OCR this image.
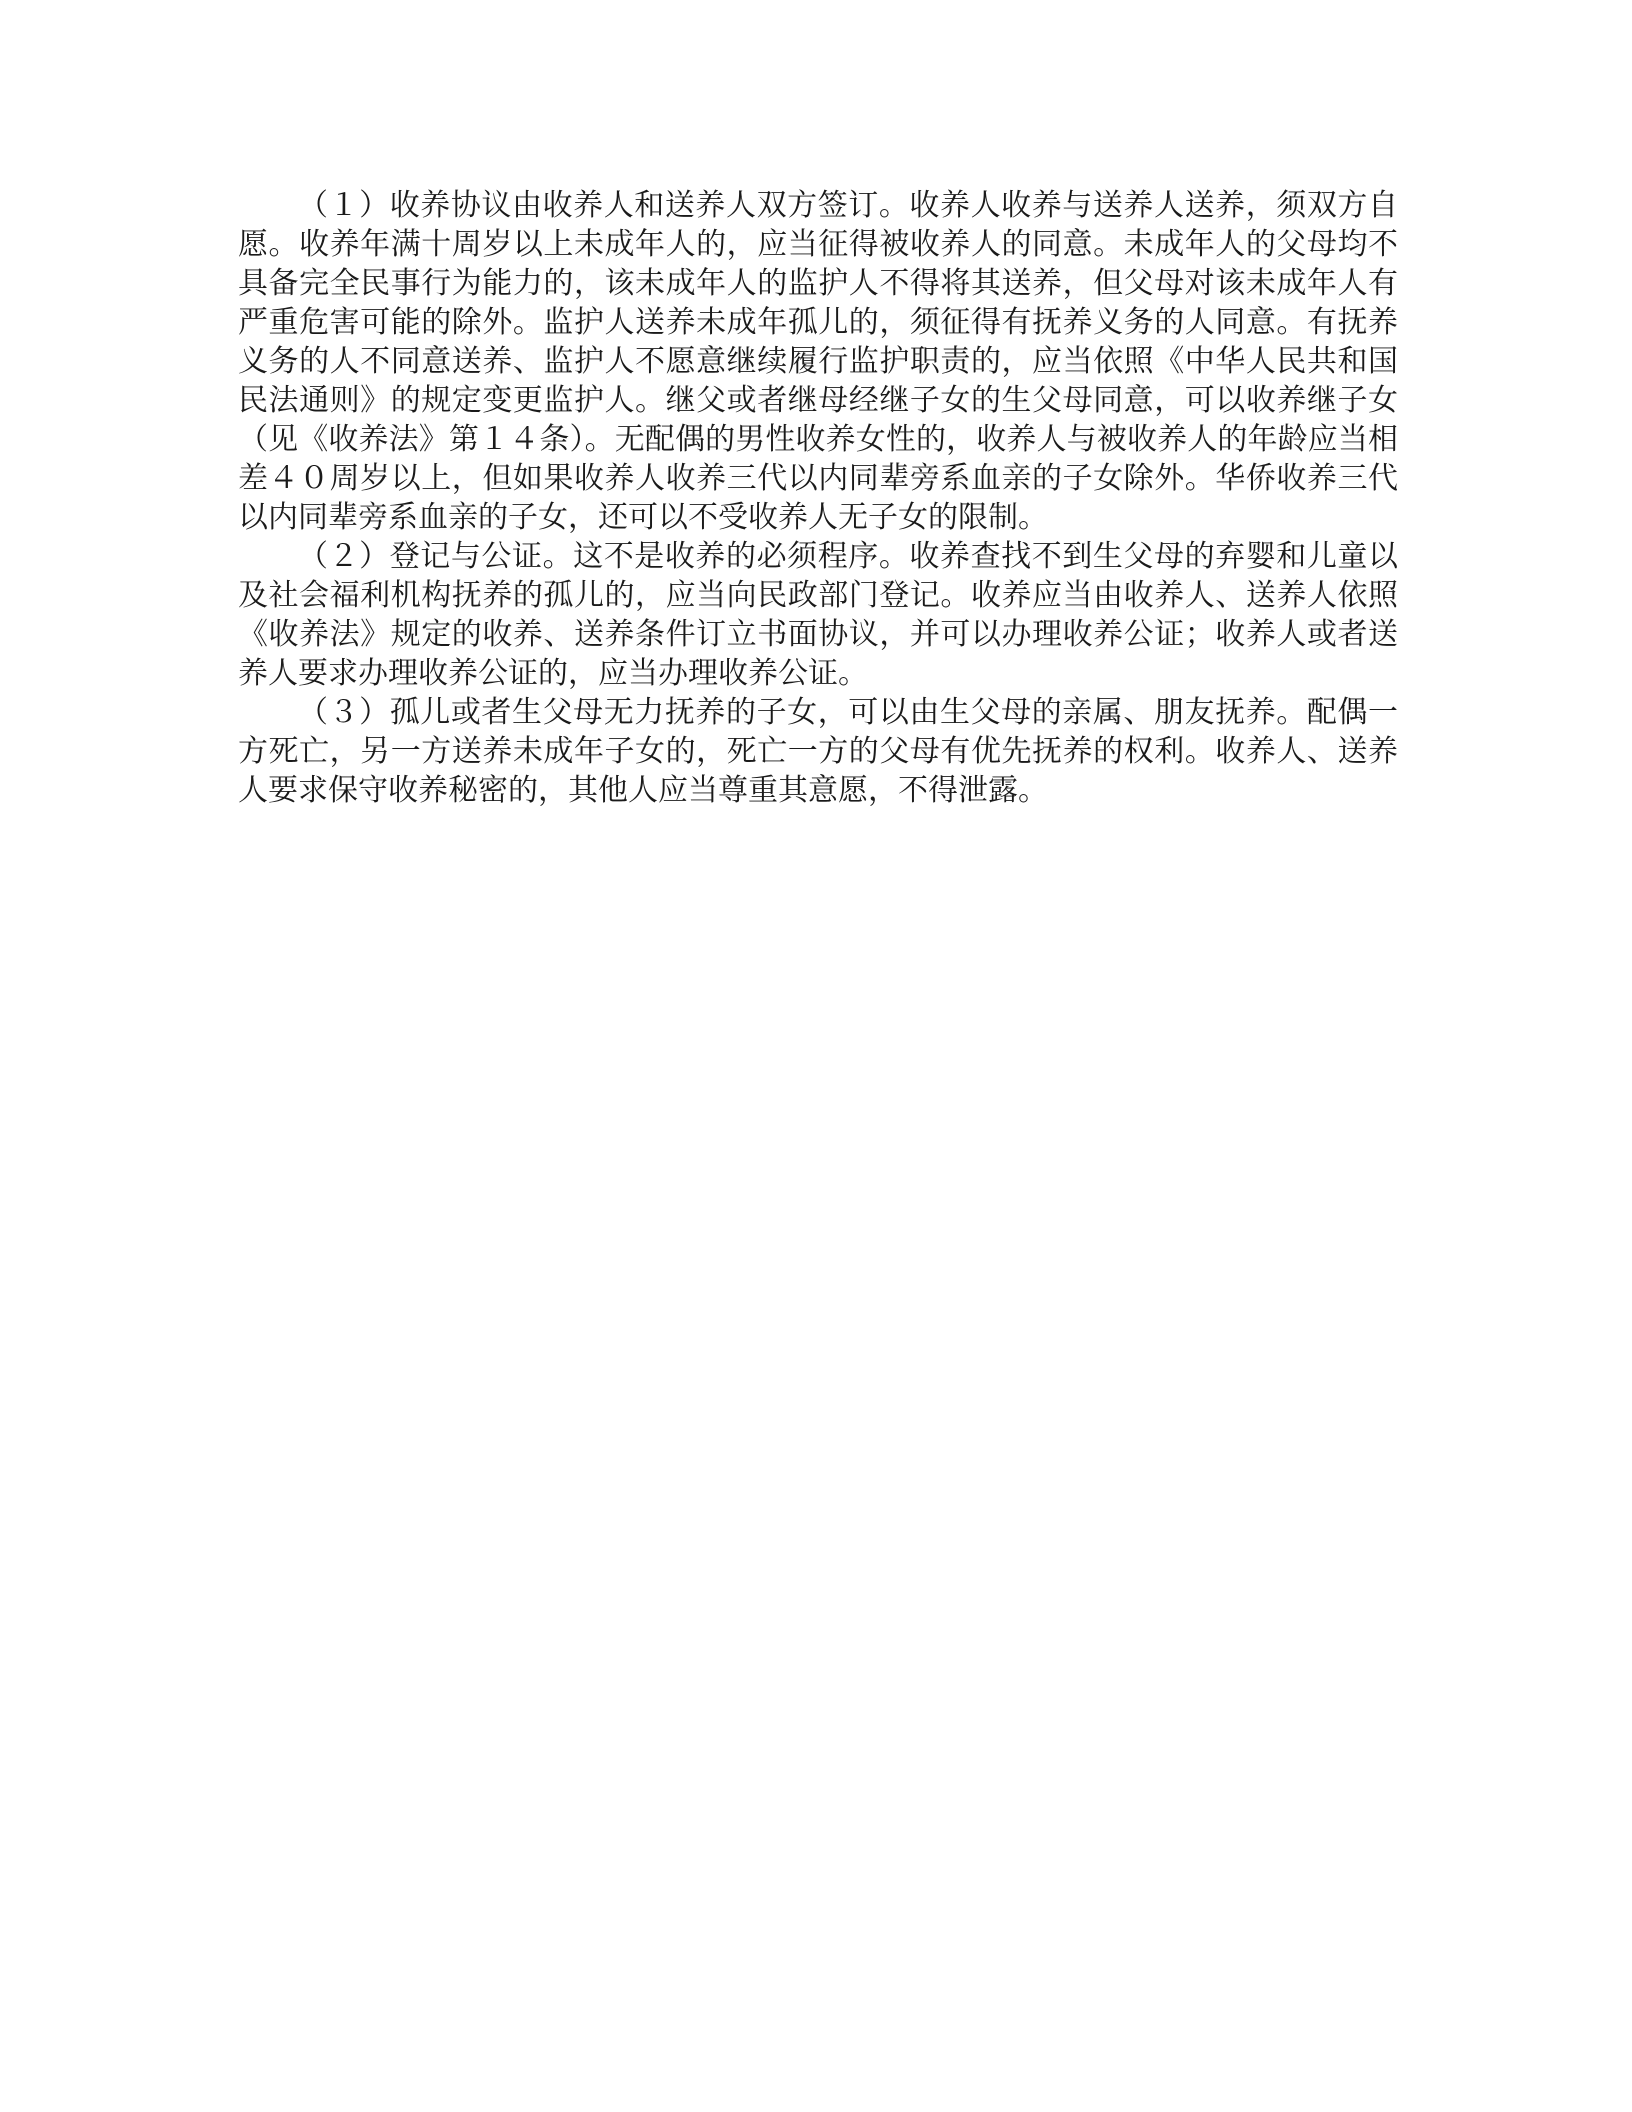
（１）收养协议由收养人和送养人双方签订。收养人收养与送养人送养，须双方自愿。收养年满十周岁以上未成年人的，应当征得被收养人的同意。未成年人的父母均不具备完全民事行为能力的，该未成年人的监护人不得将其送养，但父母对该未成年人有严重危害可能的除外。监护人送养未成年孤儿的，须征得有抚养义务的人同意。有抚养义务的人不同意送养、监护人不愿意继续履行监护职责的，应当依照《中华人民共和国民法通则》的规定变更监护人。继父或者继母经继子女的生父母同意，可以收养继子女（见《收养法》第１４条）。无配偶的男性收养女性的，收养人与被收养人的年龄应当相差４０周岁以上，但如果收养人收养三代以内同辈旁系血亲的子女除外。华侨收养三代以内同辈旁系血亲的子女，还可以不受收养人无子女的限制。

（２）登记与公证。这不是收养的必须程序。收养查找不到生父母的弃婴和儿童以及社会福利机构抚养的孤儿的，应当向民政部门登记。收养应当由收养人、送养人依照《收养法》规定的收养、送养条件订立书面协议，并可以办理收养公证；收养人或者送养人要求办理收养公证的，应当办理收养公证。

（３）孤儿或者生父母无力抚养的子女，可以由生父母的亲属、朋友抚养。配偶一方死亡，另一方送养未成年子女的，死亡一方的父母有优先抚养的权利。收养人、送养人要求保守收养秘密的，其他人应当尊重其意愿，不得泄露。
